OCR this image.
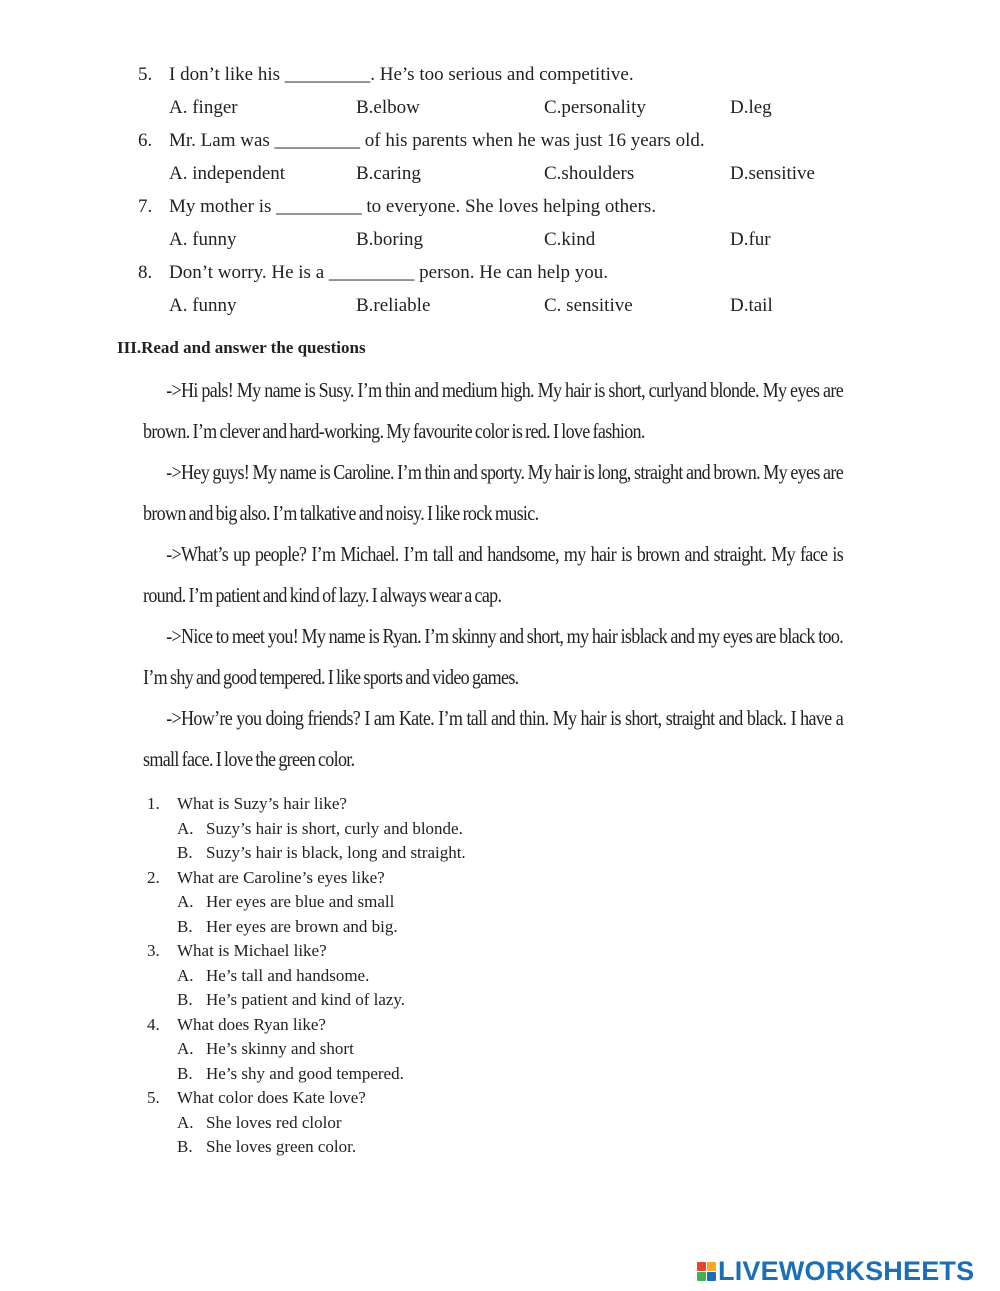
5. I don’t like his _________. He’s too serious and competitive.
A. finger	B.elbow	C.personality	D.leg
6. Mr. Lam was _________ of his parents when he was just 16 years old.
A. independent	B.caring	C.shoulders	D.sensitive
7. My mother is _________ to everyone. She loves helping others.
A. funny	B.boring	C.kind	D.fur
8. Don’t worry. He is a _________ person. He can help you.
A. funny	B.reliable	C. sensitive	D.tail
III.Read and answer the questions

->Hi pals! My name is Susy. I’m thin and medium high. My hair is short, curlyand blonde. My eyes are brown. I’m clever and hard-working. My favourite color is red. I love fashion.

->Hey guys! My name is Caroline. I’m thin and sporty. My hair is long, straight and brown. My eyes are brown and big also. I’m talkative and noisy. I like rock music.

->What’s up people? I’m Michael. I’m tall and handsome, my hair is brown and straight. My face is round. I’m patient and kind of lazy. I always wear a cap.

->Nice to meet you! My name is Ryan. I’m skinny and short, my hair isblack and my eyes are black too. I’m shy and good tempered. I like sports and video games.

->How’re you doing friends? I am Kate. I’m tall and thin. My hair is short, straight and black. I have a small face. I love the green color.

1. What is Suzy’s hair like?
A. Suzy’s hair is short, curly and blonde.
B. Suzy’s hair is black, long and straight.
2. What are Caroline’s eyes like?
A. Her eyes are blue and small
B. Her eyes are brown and big.
3. What is Michael like?
A. He’s tall and handsome.
B. He’s patient and kind of lazy.
4. What does Ryan like?
A. He’s skinny and short
B. He’s shy and good tempered.
5. What color does Kate love?
A. She loves red clolor
B. She loves green color.
LIVEWORKSHEETS
